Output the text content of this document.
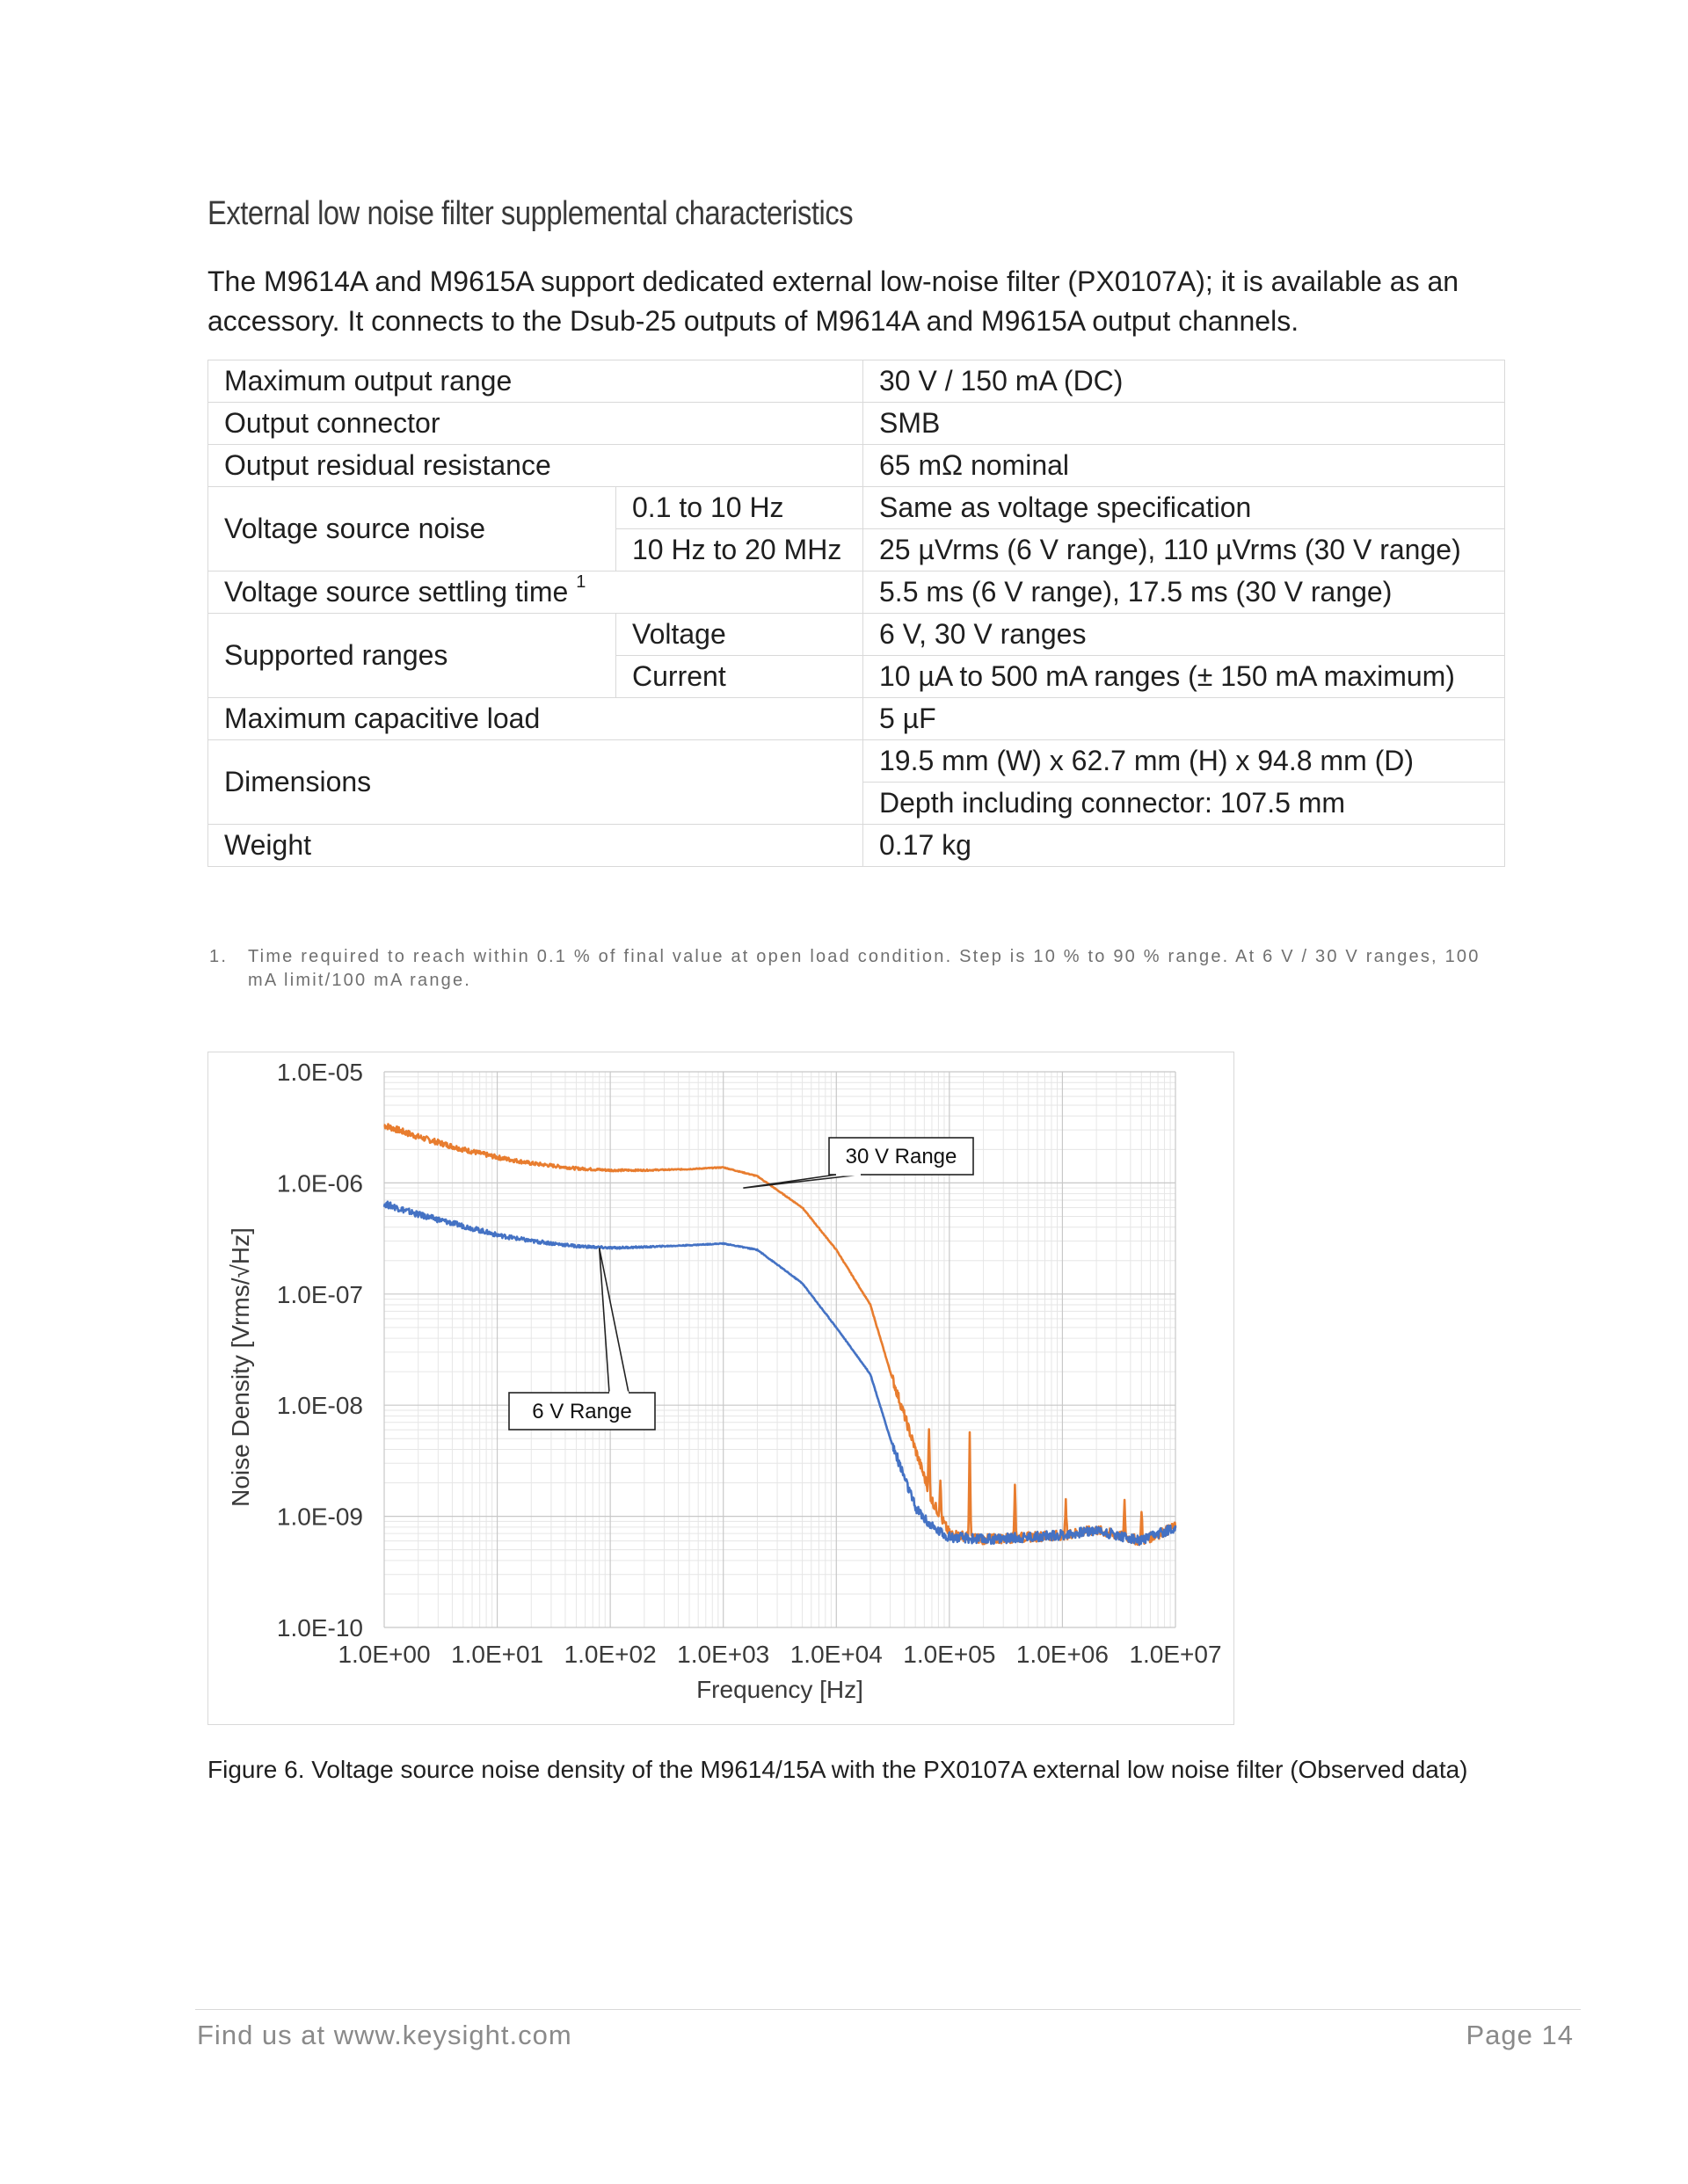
External low noise filter supplemental characteristics
The M9614A and M9615A support dedicated external low-noise filter (PX0107A); it is available as an accessory. It connects to the Dsub-25 outputs of M9614A and M9615A output channels.
Maximum output range		30 V / 150 mA (DC)
Output connector		SMB
Output residual resistance		65 mΩ nominal
Voltage source noise	0.1 to 10 Hz	Same as voltage specification
	10 Hz to 20 MHz	25 µVrms (6 V range), 110 µVrms (30 V range)
Voltage source settling time $^1$		5.5 ms (6 V range), 17.5 ms (30 V range)
Supported ranges	Voltage	6 V, 30 V ranges
	Current	10 µA to 500 mA ranges (± 150 mA maximum)
Maximum capacitive load		5 µF
Dimensions		19.5 mm (W) x 62.7 mm (H) x 94.8 mm (D)
		Depth including connector: 107.5 mm
Weight		0.17 kg
1. Time required to reach within 0.1 % of final value at open load condition. Step is 10 % to 90 % range. At 6 V / 30 V ranges, 100 mA limit/100 mA range.
1.0E-05
1.0E-06
1.0E-07
1.0E-08
1.0E-09
1.0E-10
1.0E+00 1.0E+01 1.0E+02 1.0E+03 1.0E+04 1.0E+05 1.0E+06 1.0E+07
Frequency [Hz]
Noise Density [Vrms/√Hz]
30 V Range
6 V Range
Figure 6. Voltage source noise density of the M9614/15A with the PX0107A external low noise filter (Observed data)
Find us at www.keysight.com	Page 14
